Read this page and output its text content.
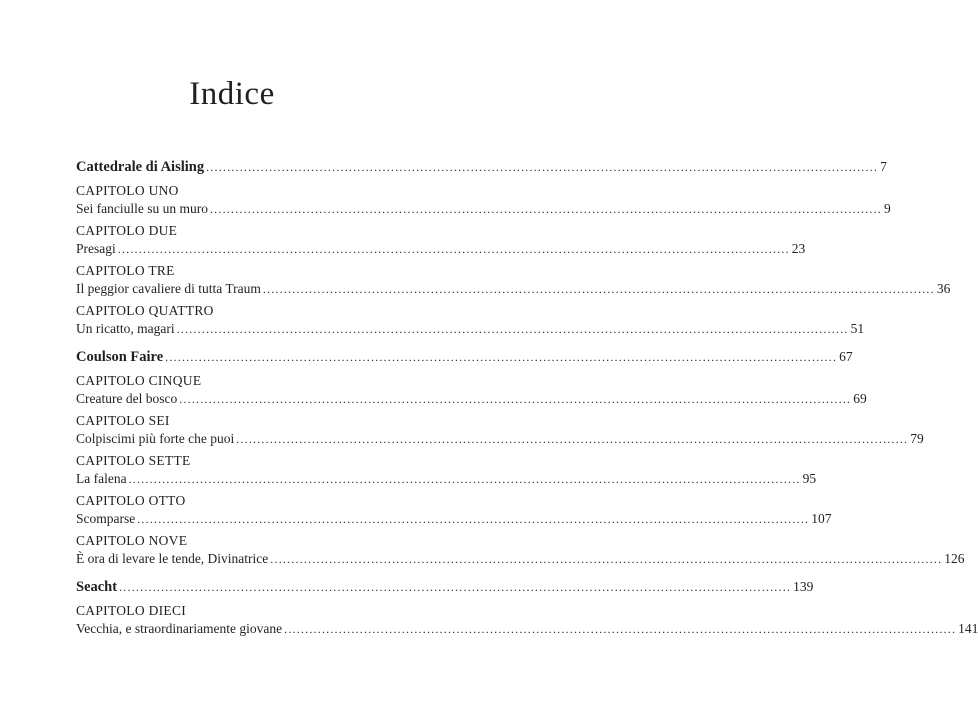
Indice
Cattedrale di Aisling ................................................................................................................................................................ 7
CAPITOLO UNO
Sei fanciulle su un muro ................................................................................................................................................................ 9
CAPITOLO DUE
Presagi ................................................................................................................................................................ 23
CAPITOLO TRE
Il peggior cavaliere di tutta Traum ................................................................................................................................................................ 36
CAPITOLO QUATTRO
Un ricatto, magari ................................................................................................................................................................ 51
Coulson Faire ................................................................................................................................................................ 67
CAPITOLO CINQUE
Creature del bosco ................................................................................................................................................................ 69
CAPITOLO SEI
Colpiscimi più forte che puoi ................................................................................................................................................................ 79
CAPITOLO SETTE
La falena ................................................................................................................................................................ 95
CAPITOLO OTTO
Scomparse ................................................................................................................................................................ 107
CAPITOLO NOVE
È ora di levare le tende, Divinatrice ................................................................................................................................................................ 126
Seacht ................................................................................................................................................................ 139
CAPITOLO DIECI
Vecchia, e straordinariamente giovane ................................................................................................................................................................ 141
